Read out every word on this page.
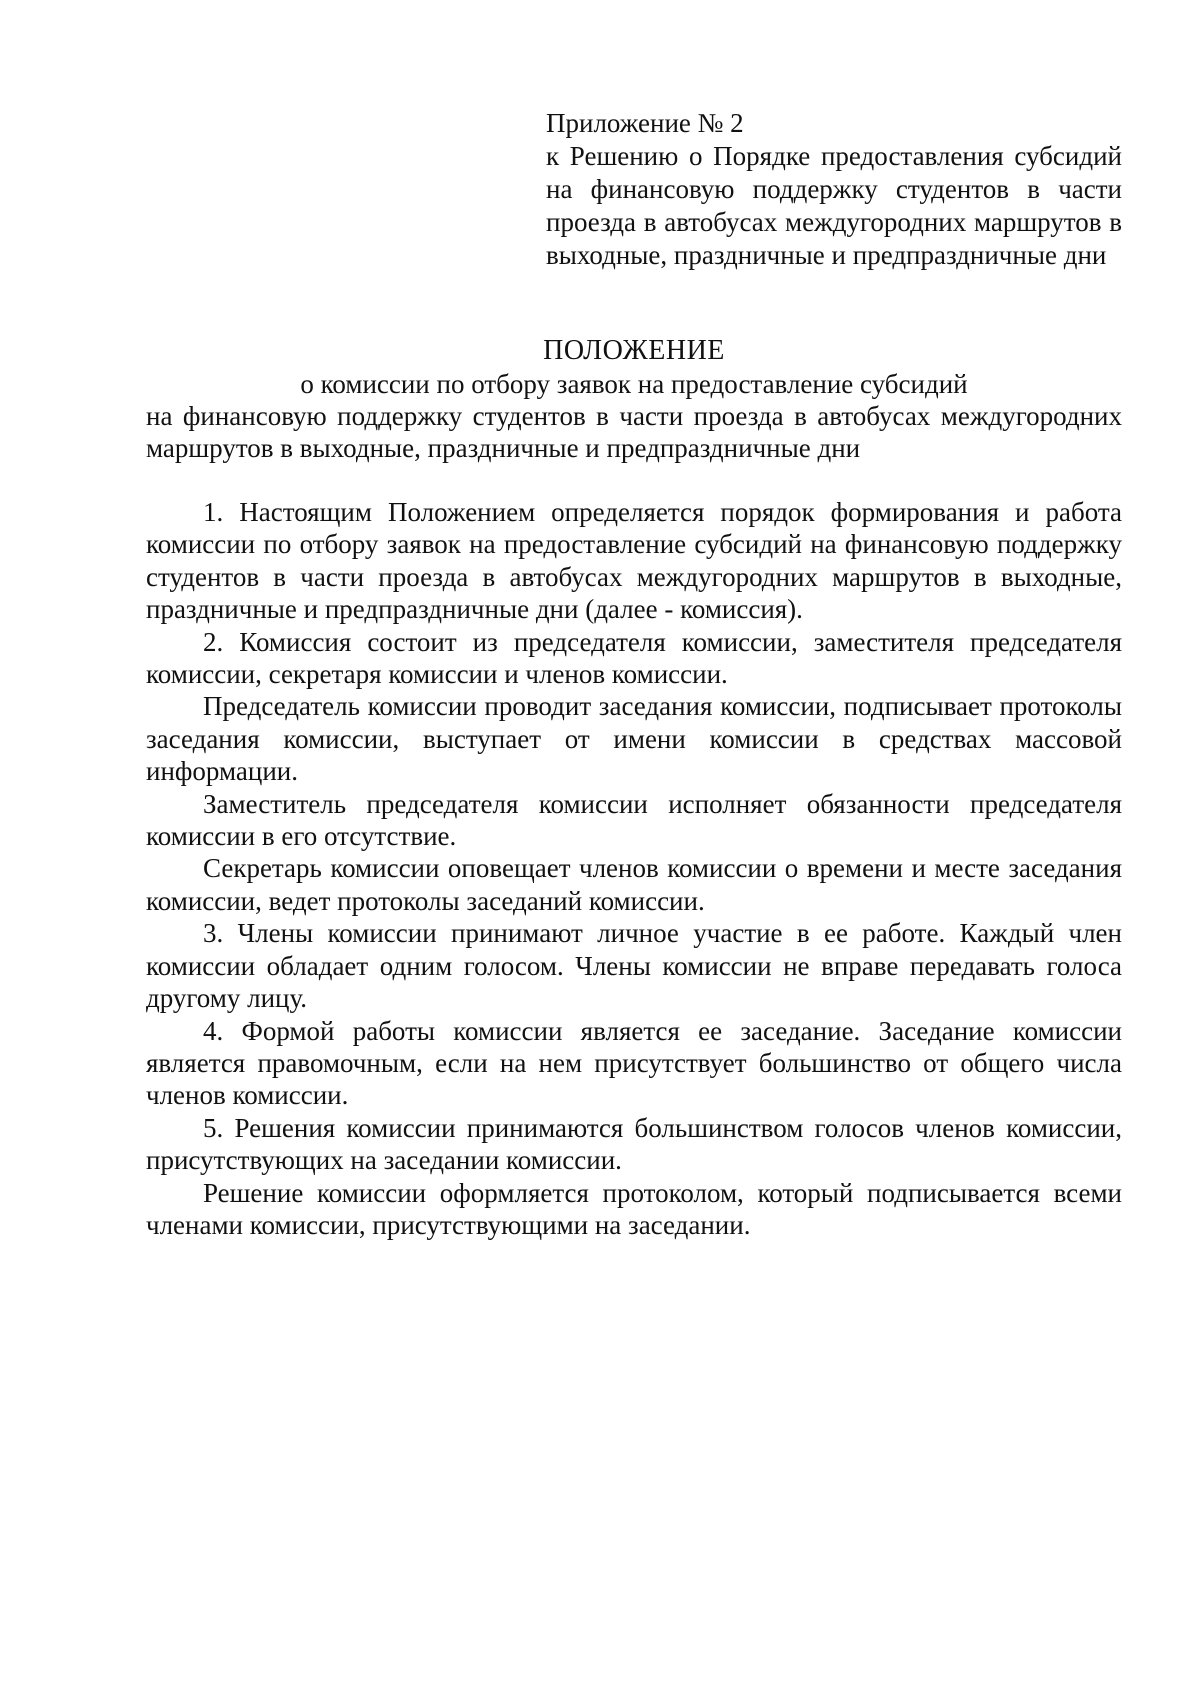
Приложение № 2
к Решению о Порядке предоставления субсидий на финансовую поддержку студентов в части проезда в автобусах междугородних маршрутов в выходные, праздничные и предпраздничные дни
ПОЛОЖЕНИЕ
о комиссии по отбору заявок на предоставление субсидий
на финансовую поддержку студентов в части проезда в автобусах междугородних маршрутов в выходные, праздничные и предпраздничные дни

1. Настоящим Положением определяется порядок формирования и работа комиссии по отбору заявок на предоставление субсидий на финансовую поддержку студентов в части проезда в автобусах междугородних маршрутов в выходные, праздничные и предпраздничные дни (далее - комиссия).

2. Комиссия состоит из председателя комиссии, заместителя председателя комиссии, секретаря комиссии и членов комиссии.

Председатель комиссии проводит заседания комиссии, подписывает протоколы заседания комиссии, выступает от имени комиссии в средствах массовой информации.

Заместитель председателя комиссии исполняет обязанности председателя комиссии в его отсутствие.

Секретарь комиссии оповещает членов комиссии о времени и месте заседания комиссии, ведет протоколы заседаний комиссии.

3. Члены комиссии принимают личное участие в ее работе. Каждый член комиссии обладает одним голосом. Члены комиссии не вправе передавать голоса другому лицу.

4. Формой работы комиссии является ее заседание. Заседание комиссии является правомочным, если на нем присутствует большинство от общего числа членов комиссии.

5. Решения комиссии принимаются большинством голосов членов комиссии, присутствующих на заседании комиссии.

Решение комиссии оформляется протоколом, который подписывается всеми членами комиссии, присутствующими на заседании.
